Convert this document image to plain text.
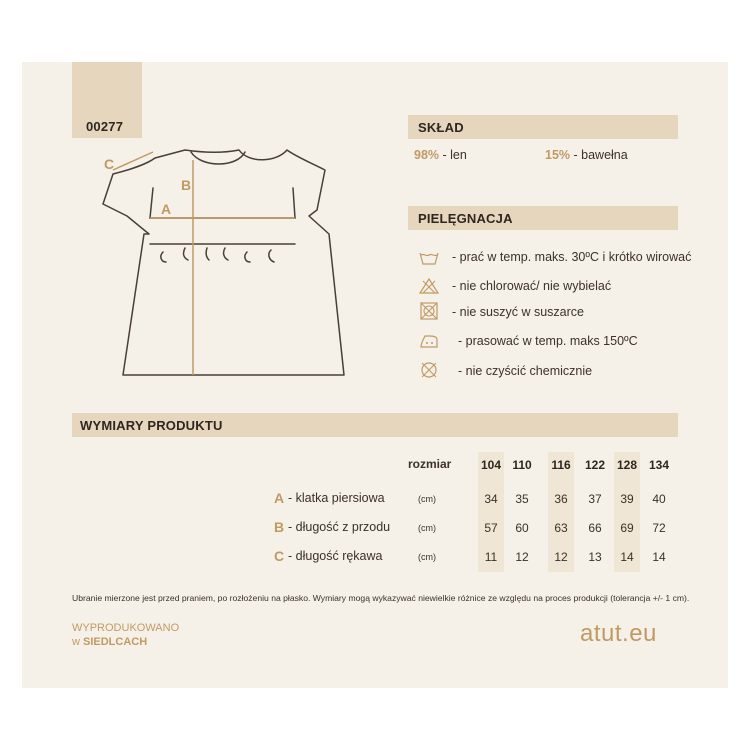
00277
C
B
A
SKŁAD
98% - len	15% - bawełna
PIELĘGNACJA
- prać w temp. maks. 30ºC i krótko wirować
- nie chlorować/ nie wybielać
- nie suszyć w suszarce
- prasować w temp. maks 150ºC
- nie czyścić chemicznie
WYMIARY PRODUKTU
rozmiar	104 110	116	122 128 134
A - klatka piersiowa	(cm)	34	35	36	37	39	40
B - długość z przodu	(cm)	57	60	63	66	69	72
C - długość rękawa	(cm)	11	12	12	13	14	14
Ubranie mierzone jest przed praniem, po rozłożeniu na płasko. Wymiary mogą wykazywać niewielkie różnice ze względu na proces produkcji (tolerancja +/- 1 cm).
WYPRODUKOWANO
w SIEDLCACH	atut.eu
